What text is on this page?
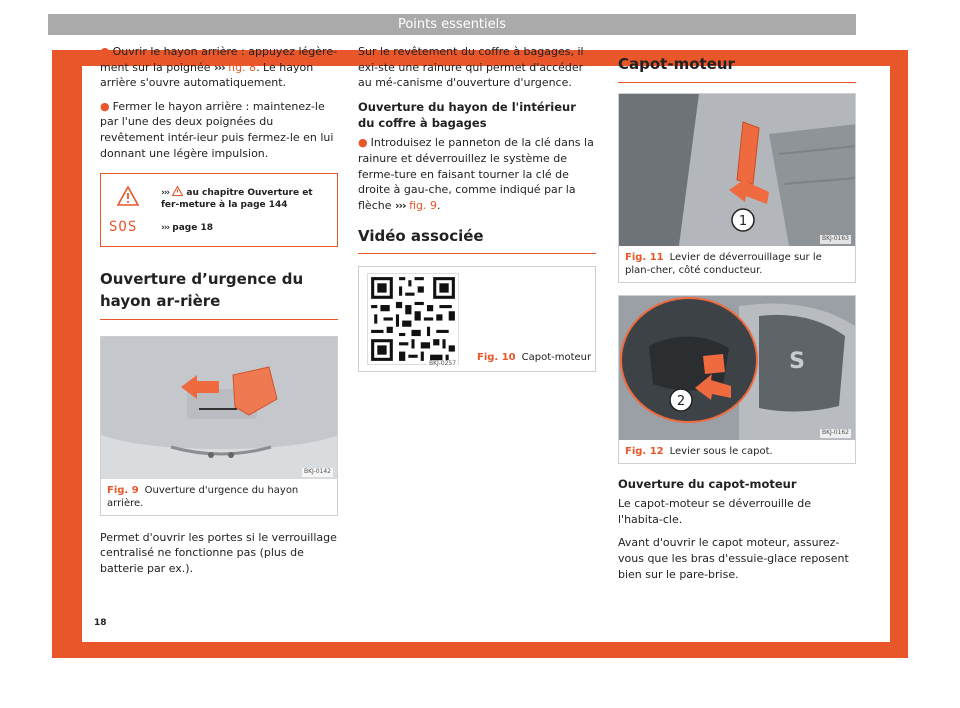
Points essentiels

● Ouvrir le hayon arrière : appuyez légère-ment sur la poignée ››› fig. 8. Le hayon arrière s'ouvre automatiquement.

● Fermer le hayon arrière : maintenez-le par l'une des deux poignées du revêtement intér-ieur puis fermez-le en lui donnant une légère impulsion.

SOS
›››  au chapitre Ouverture et fer-meture à la page 144
››› page 18
Ouverture d’urgence du hayon ar-rière
BKJ-0142
Fig. 9 Ouverture d'urgence du hayon arrière.

Permet d'ouvrir les portes si le verrouillage centralisé ne fonctionne pas (plus de batterie par ex.).

Sur le revêtement du coffre à bagages, il exi-ste une rainure qui permet d'accéder au mé-canisme d'ouverture d'urgence.

Ouverture du hayon de l'intérieur du coffre à bagages

● Introduisez le panneton de la clé dans la rainure et déverrouillez le système de ferme-ture en faisant tourner la clé de droite à gau-che, comme indiqué par la flèche ››› fig. 9.

Vidéo associée
BKJ-0257 Fig. 10 Capot-moteur
Capot-moteur
1
BKJ-0163
Fig. 11 Levier de déverrouillage sur le plan-cher, côté conducteur.
S
2
BKJ-0162
Fig. 12 Levier sous le capot.
Ouverture du capot-moteur

Le capot-moteur se déverrouille de l'habita-cle.

Avant d'ouvrir le capot moteur, assurez-vous que les bras d'essuie-glace reposent bien sur le pare-brise.

18
